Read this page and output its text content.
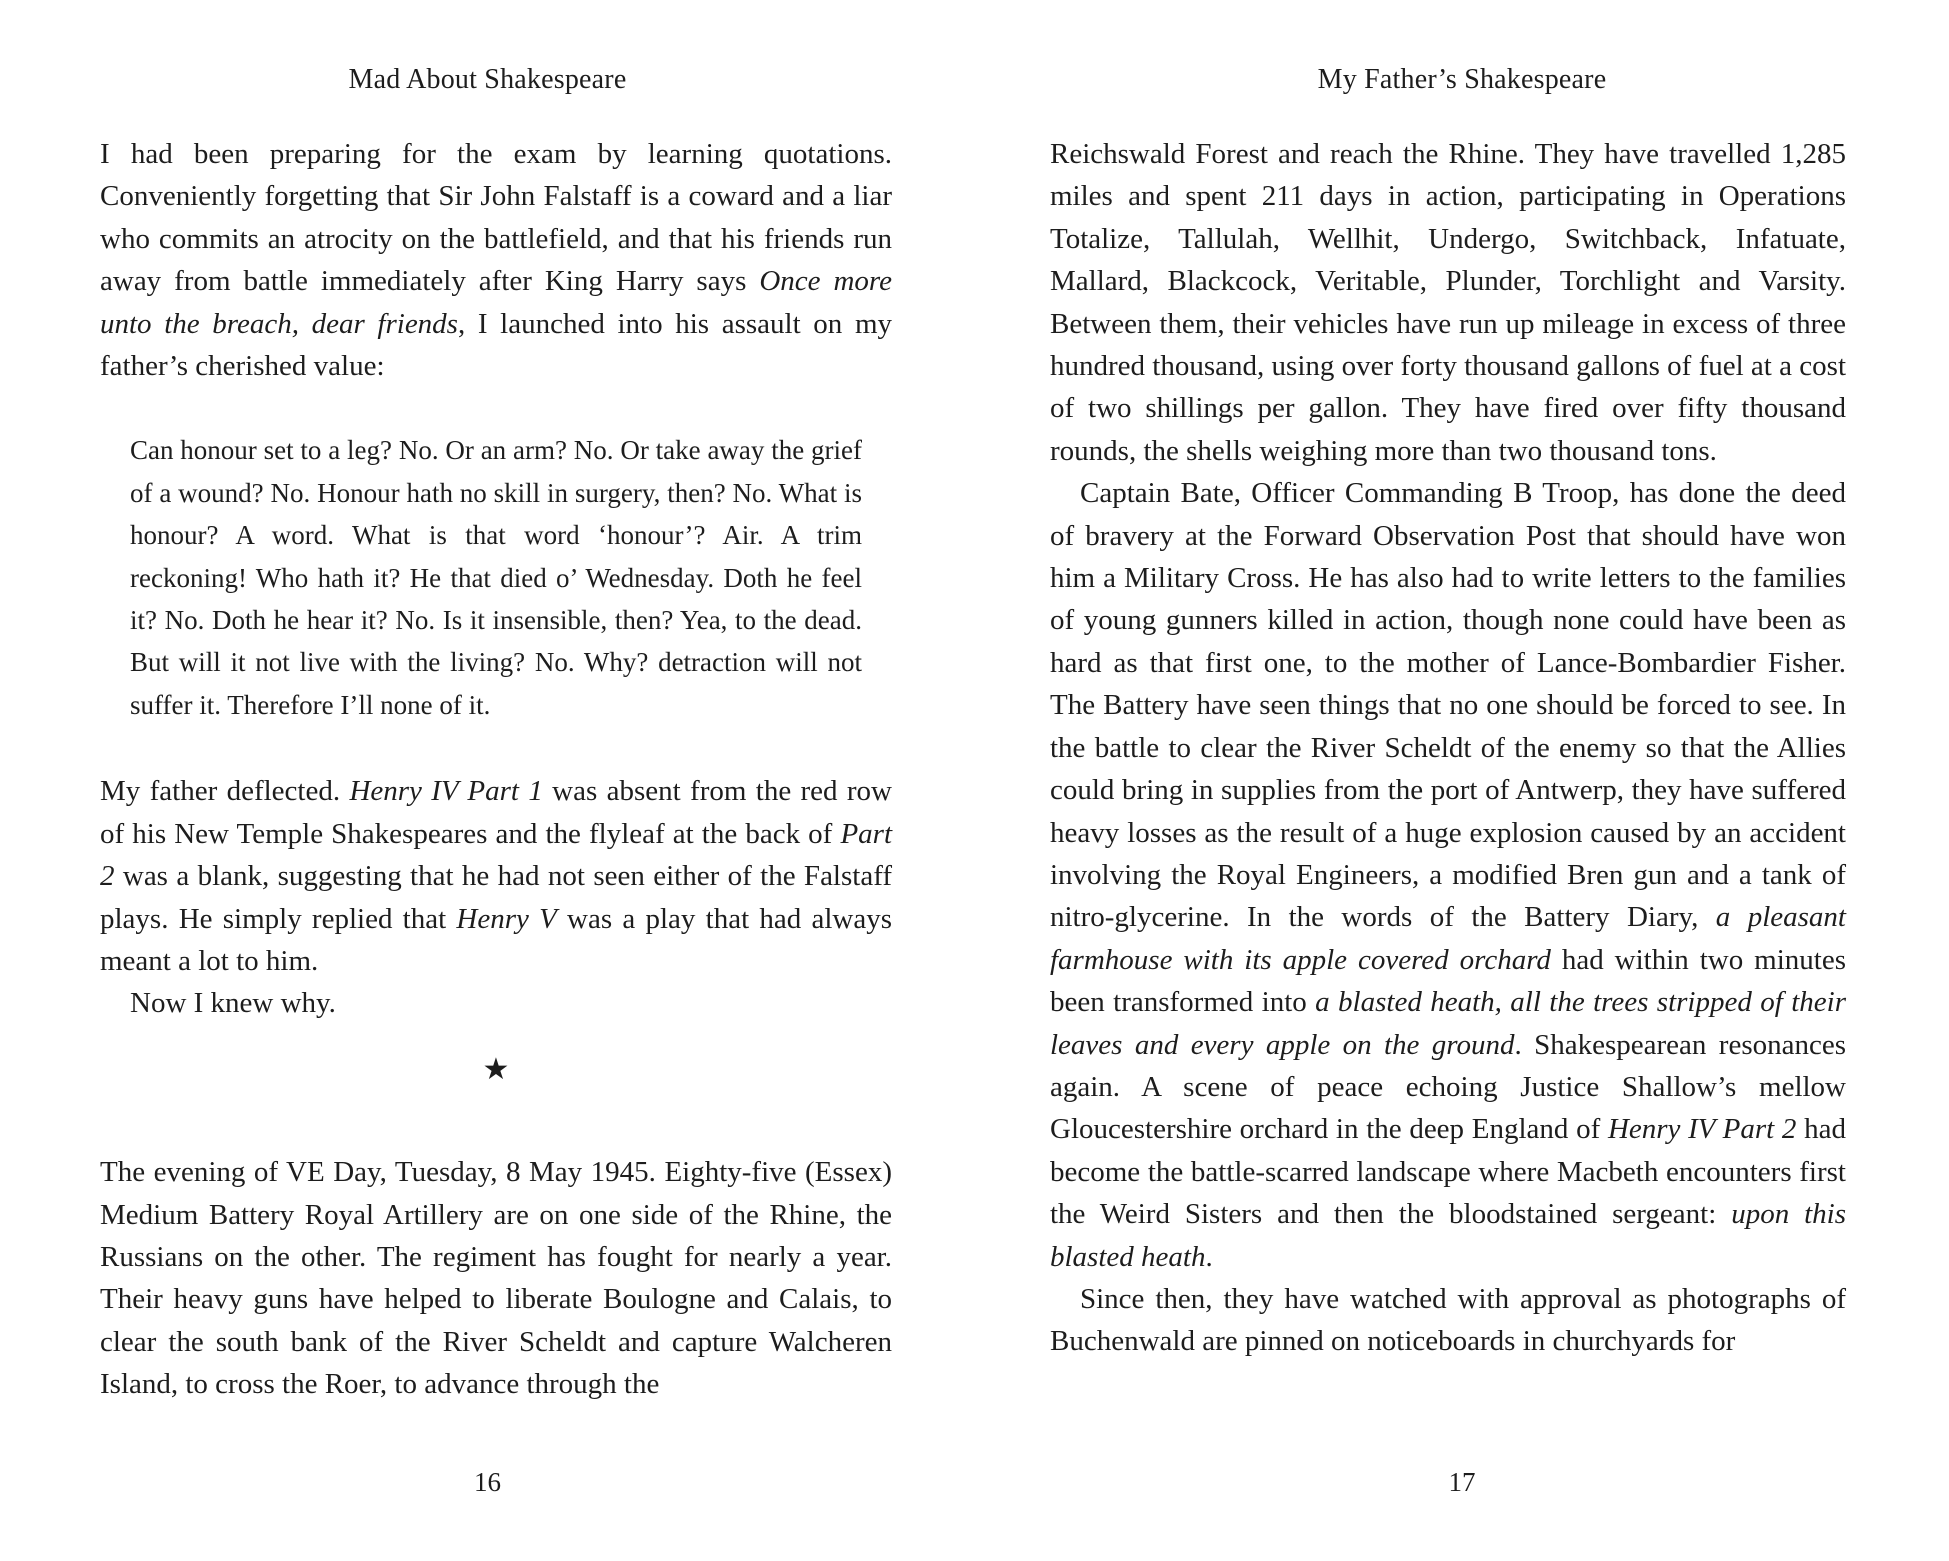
Mad About Shakespeare

I had been preparing for the exam by learning quotations. Conveniently forgetting that Sir John Falstaff is a coward and a liar who commits an atrocity on the battlefield, and that his friends run away from battle immediately after King Harry says Once more unto the breach, dear friends, I launched into his assault on my father’s cherished value:

Can honour set to a leg? No. Or an arm? No. Or take away the grief of a wound? No. Honour hath no skill in surgery, then? No. What is honour? A word. What is that word ‘honour’? Air. A trim reckoning! Who hath it? He that died o’ Wednesday. Doth he feel it? No. Doth he hear it? No. Is it insensible, then? Yea, to the dead. But will it not live with the living? No. Why? detraction will not suffer it. Therefore I’ll none of it.

My father deflected. Henry IV Part 1 was absent from the red row of his New Temple Shakespeares and the flyleaf at the back of Part 2 was a blank, suggesting that he had not seen either of the Falstaff plays. He simply replied that Henry V was a play that had always meant a lot to him.

Now I knew why.

★

The evening of VE Day, Tuesday, 8 May 1945. Eighty-five (Essex) Medium Battery Royal Artillery are on one side of the Rhine, the Russians on the other. The regiment has fought for nearly a year. Their heavy guns have helped to liberate Boulogne and Calais, to clear the south bank of the River Scheldt and capture Walcheren Island, to cross the Roer, to advance through the

16
My Father’s Shakespeare

Reichswald Forest and reach the Rhine. They have travelled 1,285 miles and spent 211 days in action, participating in Operations Totalize, Tallulah, Wellhit, Undergo, Switchback, Infatuate, Mallard, Blackcock, Veritable, Plunder, Torchlight and Varsity. Between them, their vehicles have run up mileage in excess of three hundred thousand, using over forty thousand gallons of fuel at a cost of two shillings per gallon. They have fired over fifty thousand rounds, the shells weighing more than two thousand tons.

Captain Bate, Officer Commanding B Troop, has done the deed of bravery at the Forward Observation Post that should have won him a Military Cross. He has also had to write letters to the families of young gunners killed in action, though none could have been as hard as that first one, to the mother of Lance-Bombardier Fisher. The Battery have seen things that no one should be forced to see. In the battle to clear the River Scheldt of the enemy so that the Allies could bring in supplies from the port of Antwerp, they have suffered heavy losses as the result of a huge explosion caused by an accident involving the Royal Engineers, a modified Bren gun and a tank of nitro-glycerine. In the words of the Battery Diary, a pleasant farmhouse with its apple covered orchard had within two minutes been transformed into a blasted heath, all the trees stripped of their leaves and every apple on the ground. Shakespearean resonances again. A scene of peace echoing Justice Shallow’s mellow Gloucestershire orchard in the deep England of Henry IV Part 2 had become the battle-scarred landscape where Macbeth encounters first the Weird Sisters and then the bloodstained sergeant: upon this blasted heath.

Since then, they have watched with approval as photographs of Buchenwald are pinned on noticeboards in churchyards for

17
